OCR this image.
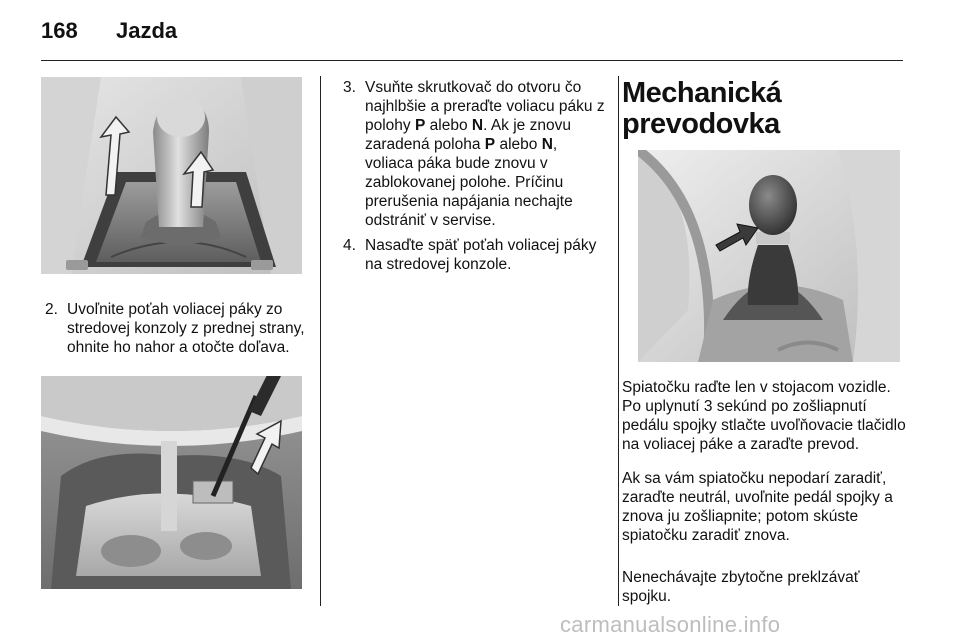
168 Jazda
2. Uvoľnite poťah voliacej páky zo stredovej konzoly z prednej strany, ohnite ho nahor a otočte doľava.
3. Vsuňte skrutkovač do otvoru čo najhlbšie a preraďte voliacu páku z polohy P alebo N. Ak je znovu zaradená poloha P alebo N, voliaca páka bude znovu v zablokovanej polohe. Príčinu prerušenia napájania nechajte odstrániť v servise.
4. Nasaďte späť poťah voliacej páky na stredovej konzole.
Mechanická prevodovka

Spiatočku raďte len v stojacom vozidle. Po uplynutí 3 sekúnd po zošliapnutí pedálu spojky stlačte uvoľňovacie tlačidlo na voliacej páke a zaraďte prevod.

Ak sa vám spiatočku nepodarí zaradiť, zaraďte neutrál, uvoľnite pedál spojky a znova ju zošliapnite; potom skúste spiatočku zaradiť znova.

Nenechávajte zbytočne preklzávať spojku.

carmanualsonline.info
